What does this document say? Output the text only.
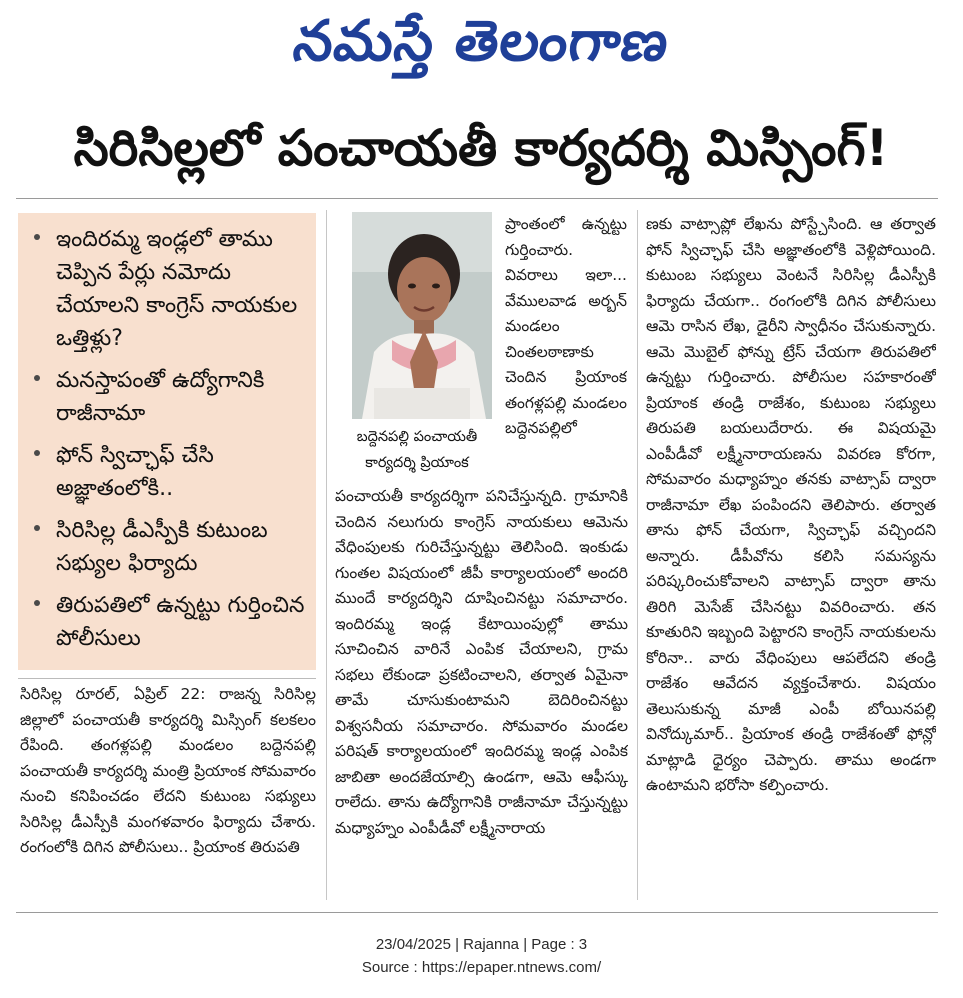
నమస్తే తెలంగాణ
సిరిసిల్లలో పంచాయతీ కార్యదర్శి మిస్సింగ్!
ఇందిరమ్మ ఇండ్లలో తాము చెప్పిన పేర్లు నమోదు చేయాలని కాంగ్రెస్ నాయకుల ఒత్తిళ్లు?
మనస్తాపంతో ఉద్యోగానికి రాజీనామా
ఫోన్ స్విచ్ఛాఫ్ చేసి అజ్ఞాతంలోకి..
సిరిసిల్ల డీఎస్పీకి కుటుంబ సభ్యుల ఫిర్యాదు
తిరుపతిలో ఉన్నట్టు గుర్తించిన పోలీసులు

సిరిసిల్ల రూరల్, ఏప్రిల్ 22: రాజన్న సిరిసిల్ల జిల్లాలో పంచాయతీ కార్యదర్శి మిస్సింగ్ కలకలం రేపింది. తంగళ్లపల్లి మండలం బద్దెనపల్లి పంచాయతీ కార్యదర్శి మంత్రి ప్రియాంక సోమవారం నుంచి కనిపించడం లేదని కుటుంబ సభ్యులు సిరిసిల్ల డీఎస్పీకి మంగళవారం ఫిర్యాదు చేశారు. రంగంలోకి దిగిన పోలీసులు.. ప్రియాంక తిరుపతి

బద్దెనపల్లి పంచాయతీ కార్యదర్శి ప్రియాంక

ప్రాంతంలో ఉన్నట్టు గుర్తించారు. వివరాలు ఇలా... వేములవాడ అర్బన్ మండలం చింతలఠాణాకు చెందిన ప్రియాంక తంగళ్లపల్లి మండలం బద్దెనపల్లిలో

పంచాయతీ కార్యదర్శిగా పనిచేస్తున్నది. గ్రామానికి చెందిన నలుగురు కాంగ్రెస్ నాయకులు ఆమెను వేధింపులకు గురిచేస్తున్నట్టు తెలిసింది. ఇంకుడు గుంతల విషయంలో జీపీ కార్యాలయంలో అందరి ముందే కార్యదర్శిని దూషించినట్టు సమాచారం. ఇందిరమ్మ ఇండ్ల కేటాయింపుల్లో తాము సూచించిన వారినే ఎంపిక చేయాలని, గ్రామ సభలు లేకుండా ప్రకటించాలని, తర్వాత ఏమైనా తామే చూసుకుంటామని బెదిరించినట్టు విశ్వసనీయ సమాచారం. సోమవారం మండల పరిషత్ కార్యాలయంలో ఇందిరమ్మ ఇండ్ల ఎంపిక జాబితా అందజేయాల్సి ఉండగా, ఆమె ఆఫీస్కు రాలేదు. తాను ఉద్యోగానికి రాజీనామా చేస్తున్నట్టు మధ్యాహ్నం ఎంపీడీవో లక్ష్మీనారాయ

ణకు వాట్సాప్లో లేఖను పోస్ట్చేసింది. ఆ తర్వాత ఫోన్ స్విచ్ఛాఫ్ చేసి అజ్ఞాతంలోకి వెళ్లిపోయింది. కుటుంబ సభ్యులు వెంటనే సిరిసిల్ల డీఎస్పీకి ఫిర్యాదు చేయగా.. రంగంలోకి దిగిన పోలీసులు ఆమె రాసిన లేఖ, డైరీని స్వాధీనం చేసుకున్నారు. ఆమె మొబైల్ ఫోన్ను ట్రేస్ చేయగా తిరుపతిలో ఉన్నట్టు గుర్తించారు. పోలీసుల సహకారంతో ప్రియాంక తండ్రి రాజేశం, కుటుంబ సభ్యులు తిరుపతి బయలుదేరారు. ఈ విషయమై ఎంపీడీవో లక్ష్మీనారాయణను వివరణ కోరగా, సోమవారం మధ్యాహ్నం తనకు వాట్సాప్ ద్వారా రాజీనామా లేఖ పంపిందని తెలిపారు. తర్వాత తాను ఫోన్ చేయగా, స్విచ్ఛాఫ్ వచ్చిందని అన్నారు. డీపీవోను కలిసి సమస్యను పరిష్కరించుకోవాలని వాట్సాప్ ద్వారా తాను తిరిగి మెసేజ్ చేసినట్టు వివరించారు. తన కూతురిని ఇబ్బంది పెట్టారని కాంగ్రెస్ నాయకులను కోరినా.. వారు వేధింపులు ఆపలేదని తండ్రి రాజేశం ఆవేదన వ్యక్తంచేశారు. విషయం తెలుసుకున్న మాజీ ఎంపీ బోయినపల్లి వినోద్కుమార్.. ప్రియాంక తండ్రి రాజేశంతో ఫోన్లో మాట్లాడి ధైర్యం చెప్పారు. తాము అండగా ఉంటామని భరోసా కల్పించారు.

23/04/2025 | Rajanna | Page : 3
Source : https://epaper.ntnews.com/
